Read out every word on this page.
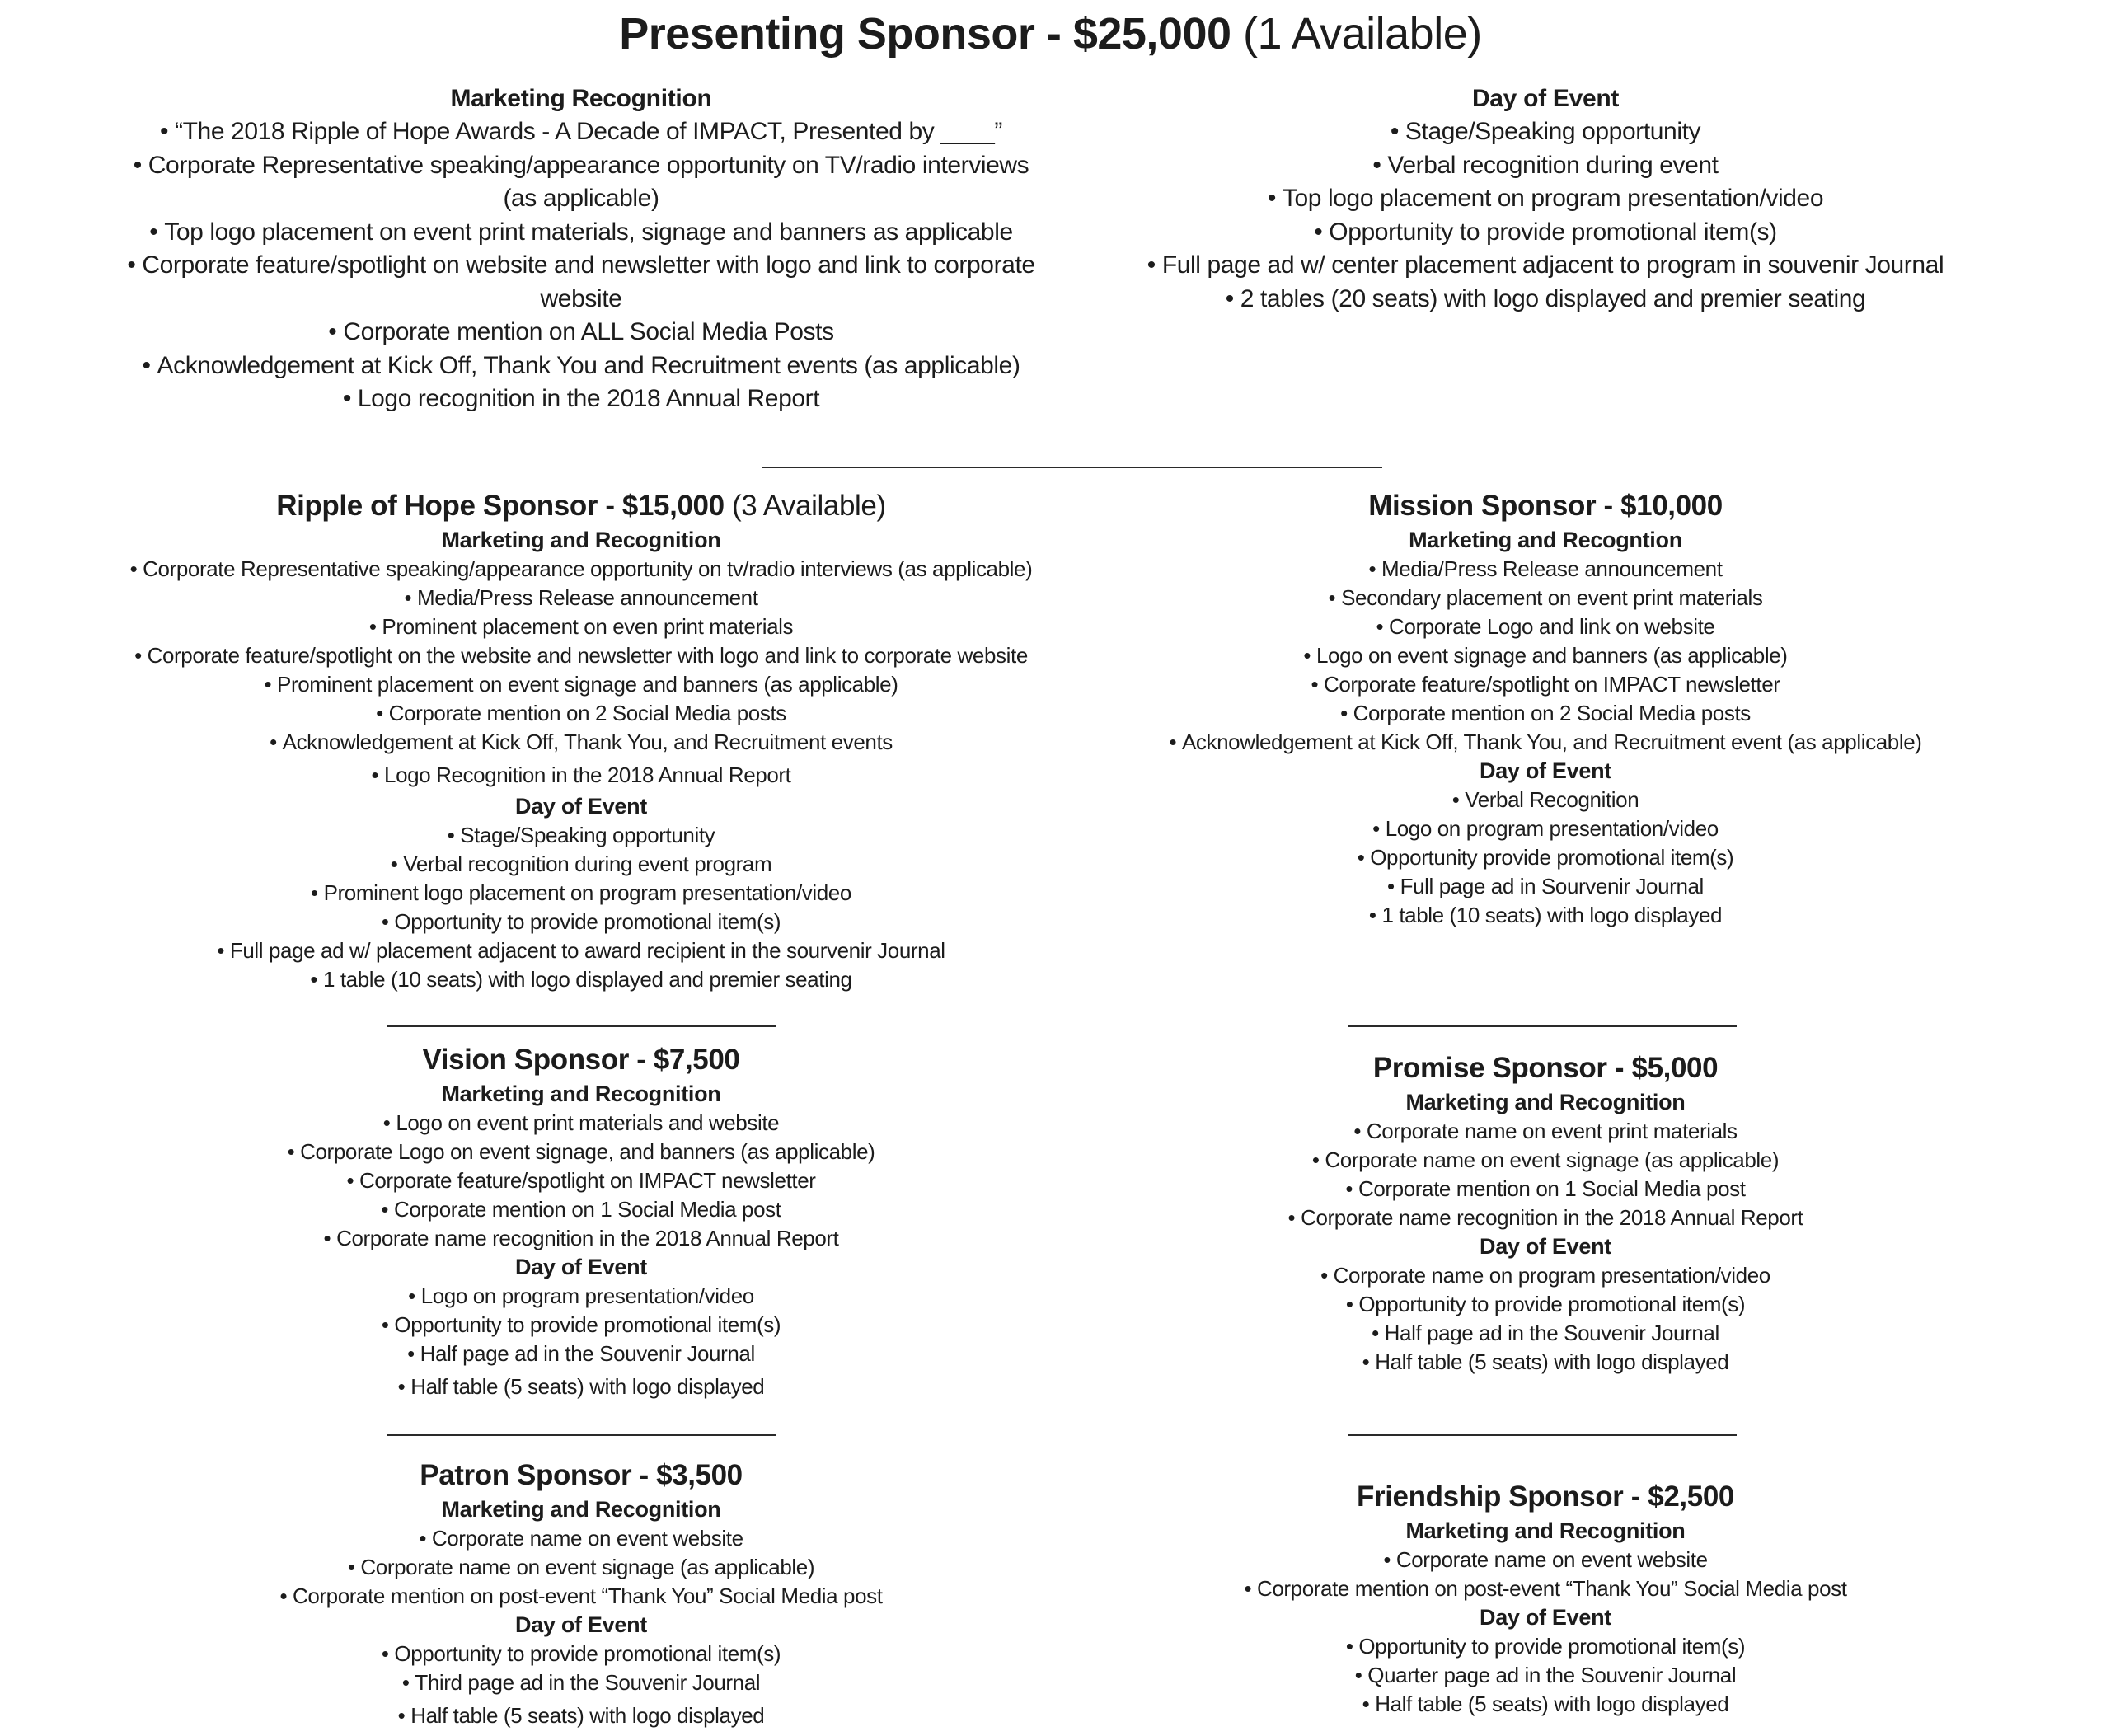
Presenting Sponsor - $25,000 (1 Available)
Marketing Recognition
• “The 2018 Ripple of Hope Awards - A Decade of IMPACT, Presented by ____”
• Corporate Representative speaking/appearance opportunity on TV/radio interviews (as applicable)
• Top logo placement on event print materials, signage and banners as applicable
• Corporate feature/spotlight on website and newsletter with logo and link to corporate website
• Corporate mention on ALL Social Media Posts
• Acknowledgement at Kick Off, Thank You and Recruitment events (as applicable)
• Logo recognition in the 2018 Annual Report
Day of Event
• Stage/Speaking opportunity
• Verbal recognition during event
• Top logo placement on program presentation/video
• Opportunity to provide promotional item(s)
• Full page ad w/ center placement adjacent to program in souvenir Journal
• 2 tables (20 seats) with logo displayed and premier seating
Ripple of Hope Sponsor - $15,000 (3 Available)
Marketing and Recognition
• Corporate Representative speaking/appearance opportunity on tv/radio interviews (as applicable)
• Media/Press Release announcement
• Prominent placement on even print materials
• Corporate feature/spotlight on the website and newsletter with logo and link to corporate website
• Prominent placement on event signage and banners (as applicable)
• Corporate mention on 2 Social Media posts
• Acknowledgement at Kick Off, Thank You, and Recruitment events
• Logo Recognition in the 2018 Annual Report
Day of Event
• Stage/Speaking opportunity
• Verbal recognition during event program
• Prominent logo placement on program presentation/video
• Opportunity to provide promotional item(s)
• Full page ad w/ placement adjacent to award recipient in the sourvenir Journal
• 1 table (10 seats) with logo displayed and premier seating
Mission Sponsor - $10,000
Marketing and Recogntion
• Media/Press Release announcement
• Secondary placement on event print materials
• Corporate Logo and link on website
• Logo on event signage and banners (as applicable)
• Corporate feature/spotlight on IMPACT newsletter
• Corporate mention on 2 Social Media posts
• Acknowledgement at Kick Off, Thank You, and Recruitment event (as applicable)
Day of Event
• Verbal Recognition
• Logo on program presentation/video
• Opportunity provide promotional item(s)
• Full page ad in Sourvenir Journal
• 1 table (10 seats) with logo displayed
Vision Sponsor - $7,500
Marketing and Recognition
• Logo on event print materials and website
• Corporate Logo on event signage, and banners (as applicable)
• Corporate feature/spotlight on IMPACT newsletter
• Corporate mention on 1 Social Media post
• Corporate name recognition in the 2018 Annual Report
Day of Event
• Logo on program presentation/video
• Opportunity to provide promotional item(s)
• Half page ad in the Souvenir Journal
• Half table (5 seats) with logo displayed
Promise Sponsor - $5,000
Marketing and Recognition
• Corporate name on event print materials
• Corporate name on event signage (as applicable)
• Corporate mention on 1 Social Media post
• Corporate name recognition in the 2018 Annual Report
Day of Event
• Corporate name on program presentation/video
• Opportunity to provide promotional item(s)
• Half page ad in the Souvenir Journal
• Half table (5 seats) with logo displayed
Patron Sponsor - $3,500
Marketing and Recognition
• Corporate name on event website
• Corporate name on event signage (as applicable)
• Corporate mention on post-event “Thank You” Social Media post
Day of Event
• Opportunity to provide promotional item(s)
• Third page ad in the Souvenir Journal
• Half table (5 seats) with logo displayed
Friendship Sponsor - $2,500
Marketing and Recognition
• Corporate name on event website
• Corporate mention on post-event “Thank You” Social Media post
Day of Event
• Opportunity to provide promotional item(s)
• Quarter page ad in the Souvenir Journal
• Half table (5 seats) with logo displayed
